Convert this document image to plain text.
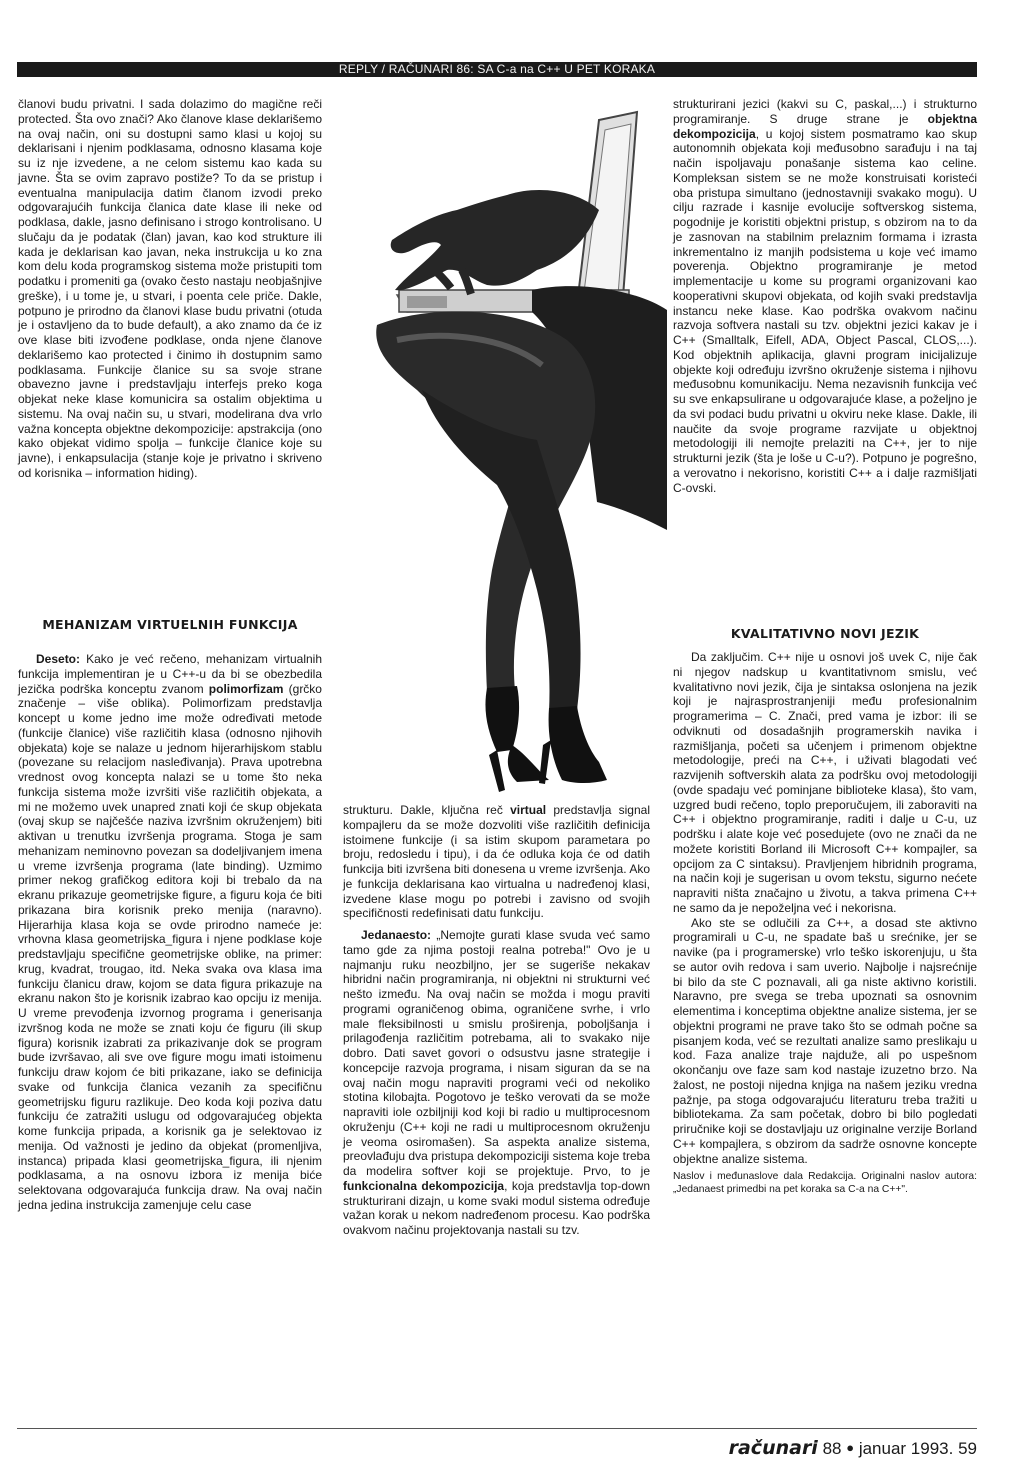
REPLY / RAČUNARI 86: SA C-a na C++ U PET KORAKA

članovi budu privatni. I sada dolazimo do magične reči protected. Šta ovo znači? Ako članove klase deklarišemo na ovaj način, oni su dostupni samo klasi u kojoj su deklarisani i njenim podklasama, odnosno klasama koje su iz nje izvedene, a ne celom sistemu kao kada su javne. Šta se ovim zapravo postiže? To da se pristup i eventualna manipulacija datim članom izvodi preko odgovarajućih funkcija članica date klase ili neke od podklasa, dakle, jasno definisano i strogo kontrolisano. U slučaju da je podatak (član) javan, kao kod strukture ili kada je deklarisan kao javan, neka instrukcija u ko zna kom delu koda programskog sistema može pristupiti tom podatku i promeniti ga (ovako često nastaju neobjašnjive greške), i u tome je, u stvari, i poenta cele priče. Dakle, potpuno je prirodno da članovi klase budu privatni (otuda je i ostavljeno da to bude default), a ako znamo da će iz ove klase biti izvođene podklase, onda njene članove deklarišemo kao protected i činimo ih dostupnim samo podklasama. Funkcije članice su sa svoje strane obavezno javne i predstavljaju interfejs preko koga objekat neke klase komunicira sa ostalim objektima u sistemu. Na ovaj način su, u stvari, modelirana dva vrlo važna koncepta objektne dekompozicije: apstrakcija (ono kako objekat vidimo spolja – funkcije članice koje su javne), i enkapsulacija (stanje koje je privatno i skriveno od korisnika – information hiding).

MEHANIZAM VIRTUELNIH FUNKCIJA

Deseto: Kako je već rečeno, mehanizam virtualnih funkcija implementiran je u C++-u da bi se obezbedila jezička podrška konceptu zvanom polimorfizam (grčko značenje – više oblika). Polimorfizam predstavlja koncept u kome jedno ime može određivati metode (funkcije članice) više različitih klasa (odnosno njihovih objekata) koje se nalaze u jednom hijerarhijskom stablu (povezane su relacijom nasleđivanja). Prava upotrebna vrednost ovog koncepta nalazi se u tome što neka funkcija sistema može izvršiti više različitih objekata, a mi ne možemo uvek unapred znati koji će skup objekata (ovaj skup se najčešće naziva izvršnim okruženjem) biti aktivan u trenutku izvršenja programa. Stoga je sam mehanizam neminovno povezan sa dodeljivanjem imena u vreme izvršenja programa (late binding). Uzmimo primer nekog grafičkog editora koji bi trebalo da na ekranu prikazuje geometrijske figure, a figuru koja će biti prikazana bira korisnik preko menija (naravno). Hijerarhija klasa koja se ovde prirodno nameće je: vrhovna klasa geometrijska_figura i njene podklase koje predstavljaju specifične geometrijske oblike, na primer: krug, kvadrat, trougao, itd. Neka svaka ova klasa ima funkciju članicu draw, kojom se data figura prikazuje na ekranu nakon što je korisnik izabrao kao opciju iz menija. U vreme prevođenja izvornog programa i generisanja izvršnog koda ne može se znati koju će figuru (ili skup figura) korisnik izabrati za prikazivanje dok se program bude izvršavao, ali sve ove figure mogu imati istoimenu funkciju draw kojom će biti prikazane, iako se definicija svake od funkcija članica vezanih za specifičnu geometrijsku figuru razlikuje. Deo koda koji poziva datu funkciju će zatražiti uslugu od odgovarajućeg objekta kome funkcija pripada, a korisnik ga je selektovao iz menija. Od važnosti je jedino da objekat (promenljiva, instanca) pripada klasi geometrijska_figura, ili njenim podklasama, a na osnovu izbora iz menija biće selektovana odgovarajuća funkcija draw. Na ovaj način jedna jedina instrukcija zamenjuje celu case

strukturu. Dakle, ključna reč virtual predstavlja signal kompajleru da se može dozvoliti više različitih definicija istoimene funkcije (i sa istim skupom parametara po broju, redosledu i tipu), i da će odluka koja će od datih funkcija biti izvršena biti donesena u vreme izvršenja. Ako je funkcija deklarisana kao virtualna u nadređenoj klasi, izvedene klase mogu po potrebi i zavisno od svojih specifičnosti redefinisati datu funkciju.

Jedanaesto: „Nemojte gurati klase svuda već samo tamo gde za njima postoji realna potreba!" Ovo je u najmanju ruku neozbiljno, jer se sugeriše nekakav hibridni način programiranja, ni objektni ni strukturni već nešto između. Na ovaj način se možda i mogu praviti programi ograničenog obima, ograničene svrhe, i vrlo male fleksibilnosti u smislu proširenja, poboljšanja i prilagođenja različitim potrebama, ali to svakako nije dobro. Dati savet govori o odsustvu jasne strategije i koncepcije razvoja programa, i nisam siguran da se na ovaj način mogu napraviti programi veći od nekoliko stotina kilobajta. Pogotovo je teško verovati da se može napraviti iole ozbiljniji kod koji bi radio u multiprocesnom okruženju (C++ koji ne radi u multiprocesnom okruženju je veoma osiromašen). Sa aspekta analize sistema, preovlađuju dva pristupa dekompoziciji sistema koje treba da modelira softver koji se projektuje. Prvo, to je funkcionalna dekompozicija, koja predstavlja top-down strukturirani dizajn, u kome svaki modul sistema određuje važan korak u nekom nadređenom procesu. Kao podrška ovakvom načinu projektovanja nastali su tzv.

strukturirani jezici (kakvi su C, paskal,...) i strukturno programiranje. S druge strane je objektna dekompozicija, u kojoj sistem posmatramo kao skup autonomnih objekata koji međusobno sarađuju i na taj način ispoljavaju ponašanje sistema kao celine. Kompleksan sistem se ne može konstruisati koristeći oba pristupa simultano (jednostavniji svakako mogu). U cilju razrade i kasnije evolucije softverskog sistema, pogodnije je koristiti objektni pristup, s obzirom na to da je zasnovan na stabilnim prelaznim formama i izrasta inkrementalno iz manjih podsistema u koje već imamo poverenja. Objektno programiranje je metod implementacije u kome su programi organizovani kao kooperativni skupovi objekata, od kojih svaki predstavlja instancu neke klase. Kao podrška ovakvom načinu razvoja softvera nastali su tzv. objektni jezici kakav je i C++ (Smalltalk, Eifell, ADA, Object Pascal, CLOS,...). Kod objektnih aplikacija, glavni program inicijalizuje objekte koji određuju izvršno okruženje sistema i njihovu međusobnu komunikaciju. Nema nezavisnih funkcija već su sve enkapsulirane u odgovarajuće klase, a poželjno je da svi podaci budu privatni u okviru neke klase. Dakle, ili naučite da svoje programe razvijate u objektnoj metodologiji ili nemojte prelaziti na C++, jer to nije strukturni jezik (šta je loše u C-u?). Potpuno je pogrešno, a verovatno i nekorisno, koristiti C++ a i dalje razmišljati C-ovski.

KVALITATIVNO NOVI JEZIK

Da zaključim. C++ nije u osnovi još uvek C, nije čak ni njegov nadskup u kvantitativnom smislu, već kvalitativno novi jezik, čija je sintaksa oslonjena na jezik koji je najrasprostranjeniji među profesionalnim programerima – C. Znači, pred vama je izbor: ili se odviknuti od dosadašnjih programerskih navika i razmišljanja, početi sa učenjem i primenom objektne metodologije, preći na C++, i uživati blagodati već razvijenih softverskih alata za podršku ovoj metodologiji (ovde spadaju već pominjane biblioteke klasa), što vam, uzgred budi rečeno, toplo preporučujem, ili zaboraviti na C++ i objektno programiranje, raditi i dalje u C-u, uz podršku i alate koje već posedujete (ovo ne znači da ne možete koristiti Borland ili Microsoft C++ kompajler, sa opcijom za C sintaksu). Pravljenjem hibridnih programa, na način koji je sugerisan u ovom tekstu, sigurno nećete napraviti ništa značajno u životu, a takva primena C++ ne samo da je nepoželjna već i nekorisna.

Ako ste se odlučili za C++, a dosad ste aktivno programirali u C-u, ne spadate baš u srećnike, jer se navike (pa i programerske) vrlo teško iskorenjuju, u šta se autor ovih redova i sam uverio. Najbolje i najsrećnije bi bilo da ste C poznavali, ali ga niste aktivno koristili. Naravno, pre svega se treba upoznati sa osnovnim elementima i konceptima objektne analize sistema, jer se objektni programi ne prave tako što se odmah počne sa pisanjem koda, već se rezultati analize samo preslikaju u kod. Faza analize traje najduže, ali po uspešnom okončanju ove faze sam kod nastaje izuzetno brzo. Na žalost, ne postoji nijedna knjiga na našem jeziku vredna pažnje, pa stoga odgovarajuću literaturu treba tražiti u bibliotekama. Za sam početak, dobro bi bilo pogledati priručnike koji se dostavljaju uz originalne verzije Borland C++ kompajlera, s obzirom da sadrže osnovne koncepte objektne analize sistema.

Naslov i međunaslove dala Redakcija. Originalni naslov autora: „Jedanaest primedbi na pet koraka sa C-a na C++".

računari 88 ● januar 1993. 59
